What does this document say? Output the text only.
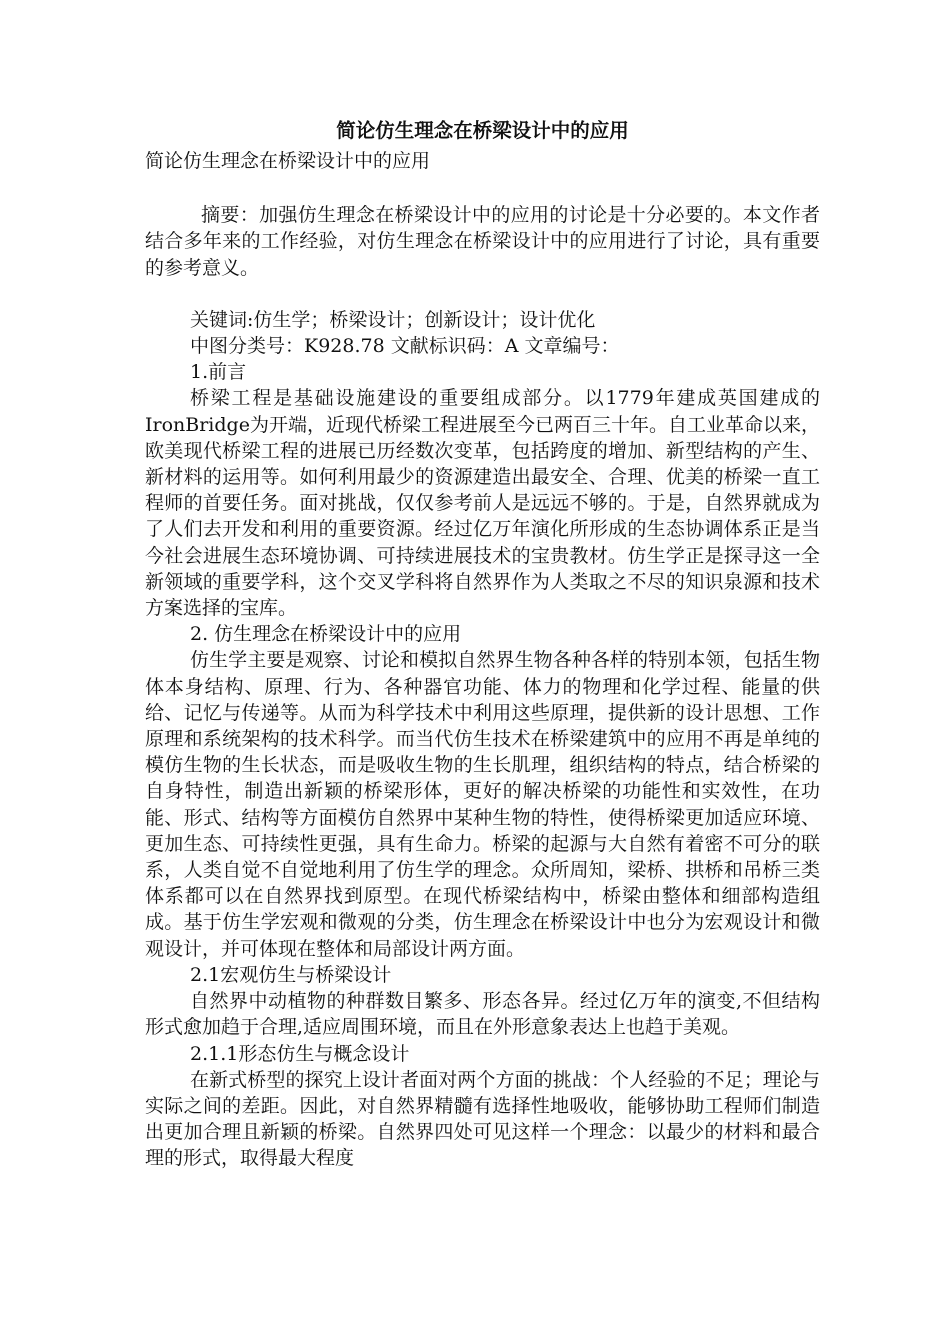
简论仿生理念在桥梁设计中的应用

简论仿生理念在桥梁设计中的应用

摘要：加强仿生理念在桥梁设计中的应用的讨论是十分必要的。本文作者结合多年来的工作经验，对仿生理念在桥梁设计中的应用进行了讨论，具有重要的参考意义。

关键词:仿生学；桥梁设计；创新设计；设计优化

中图分类号：K928.78 文献标识码：A 文章编号：

1.前言

桥梁工程是基础设施建设的重要组成部分。以1779年建成英国建成的IronBridge为开端，近现代桥梁工程进展至今已两百三十年。自工业革命以来，欧美现代桥梁工程的进展已历经数次变革，包括跨度的增加、新型结构的产生、新材料的运用等。如何利用最少的资源建造出最安全、合理、优美的桥梁一直工程师的首要任务。面对挑战，仅仅参考前人是远远不够的。于是，自然界就成为了人们去开发和利用的重要资源。经过亿万年演化所形成的生态协调体系正是当今社会进展生态环境协调、可持续进展技术的宝贵教材。仿生学正是探寻这一全新领域的重要学科，这个交叉学科将自然界作为人类取之不尽的知识泉源和技术方案选择的宝库。

2. 仿生理念在桥梁设计中的应用

仿生学主要是观察、讨论和模拟自然界生物各种各样的特别本领，包括生物体本身结构、原理、行为、各种器官功能、体力的物理和化学过程、能量的供给、记忆与传递等。从而为科学技术中利用这些原理，提供新的设计思想、工作原理和系统架构的技术科学。而当代仿生技术在桥梁建筑中的应用不再是单纯的模仿生物的生长状态，而是吸收生物的生长肌理，组织结构的特点，结合桥梁的自身特性，制造出新颖的桥梁形体，更好的解决桥梁的功能性和实效性，在功能、形式、结构等方面模仿自然界中某种生物的特性，使得桥梁更加适应环境、更加生态、可持续性更强，具有生命力。桥梁的起源与大自然有着密不可分的联系，人类自觉不自觉地利用了仿生学的理念。众所周知，梁桥、拱桥和吊桥三类体系都可以在自然界找到原型。在现代桥梁结构中，桥梁由整体和细部构造组成。基于仿生学宏观和微观的分类，仿生理念在桥梁设计中也分为宏观设计和微观设计，并可体现在整体和局部设计两方面。

2.1宏观仿生与桥梁设计

自然界中动植物的种群数目繁多、形态各异。经过亿万年的演变,不但结构形式愈加趋于合理,适应周围环境，而且在外形意象表达上也趋于美观。

2.1.1形态仿生与概念设计

在新式桥型的探究上设计者面对两个方面的挑战：个人经验的不足；理论与实际之间的差距。因此，对自然界精髓有选择性地吸收，能够协助工程师们制造出更加合理且新颖的桥梁。自然界四处可见这样一个理念：以最少的材料和最合理的形式，取得最大程度
